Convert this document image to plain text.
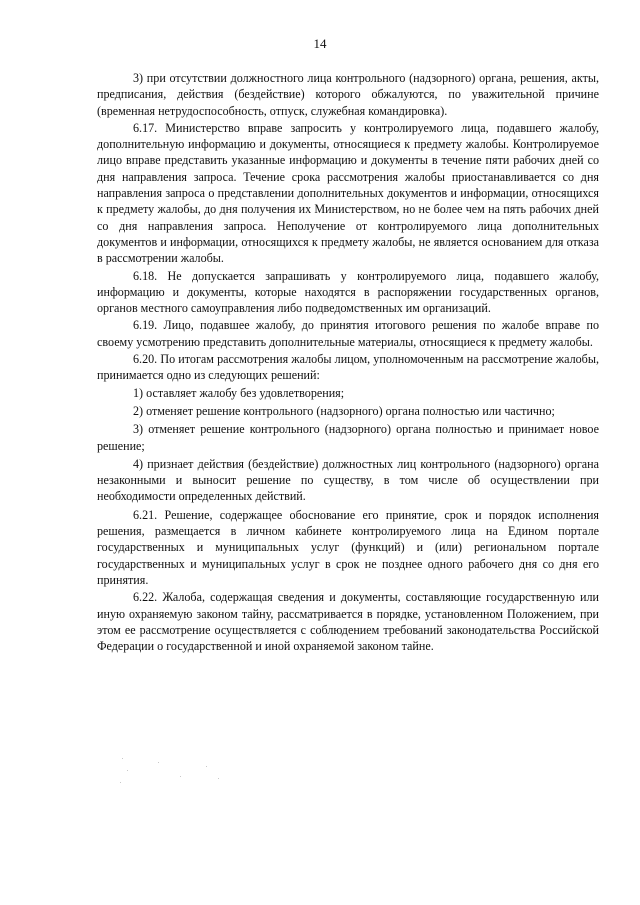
14

3) при отсутствии должностного лица контрольного (надзорного) органа, решения, акты, предписания, действия (бездействие) которого обжалуются, по уважительной причине (временная нетрудоспособность, отпуск, служебная командировка).

6.17. Министерство вправе запросить у контролируемого лица, подавшего жалобу, дополнительную информацию и документы, относящиеся к предмету жалобы. Контролируемое лицо вправе представить указанные информацию и документы в течение пяти рабочих дней со дня направления запроса. Течение срока рассмотрения жалобы приостанавливается со дня направления запроса о представлении дополнительных документов и информации, относящихся к предмету жалобы, до дня получения их Министерством, но не более чем на пять рабочих дней со дня направления запроса. Неполучение от контролируемого лица дополнительных документов и информации, относящихся к предмету жалобы, не является основанием для отказа в рассмотрении жалобы.

6.18. Не допускается запрашивать у контролируемого лица, подавшего жалобу, информацию и документы, которые находятся в распоряжении государственных органов, органов местного самоуправления либо подведомственных им организаций.

6.19. Лицо, подавшее жалобу, до принятия итогового решения по жалобе вправе по своему усмотрению представить дополнительные материалы, относящиеся к предмету жалобы.

6.20. По итогам рассмотрения жалобы лицом, уполномоченным на рассмотрение жалобы, принимается одно из следующих решений:

1) оставляет жалобу без удовлетворения;

2) отменяет решение контрольного (надзорного) органа полностью или частично;

3) отменяет решение контрольного (надзорного) органа полностью и принимает новое решение;

4) признает действия (бездействие) должностных лиц контрольного (надзорного) органа незаконными и выносит решение по существу, в том числе об осуществлении при необходимости определенных действий.

6.21. Решение, содержащее обоснование его принятие, срок и порядок исполнения решения, размещается в личном кабинете контролируемого лица на Едином портале государственных и муниципальных услуг (функций) и (или) региональном портале государственных и муниципальных услуг в срок не позднее одного рабочего дня со дня его принятия.

6.22. Жалоба, содержащая сведения и документы, составляющие государственную или иную охраняемую законом тайну, рассматривается в порядке, установленном Положением, при этом ее рассмотрение осуществляется с соблюдением требований законодательства Российской Федерации о государственной и иной охраняемой законом тайне.
